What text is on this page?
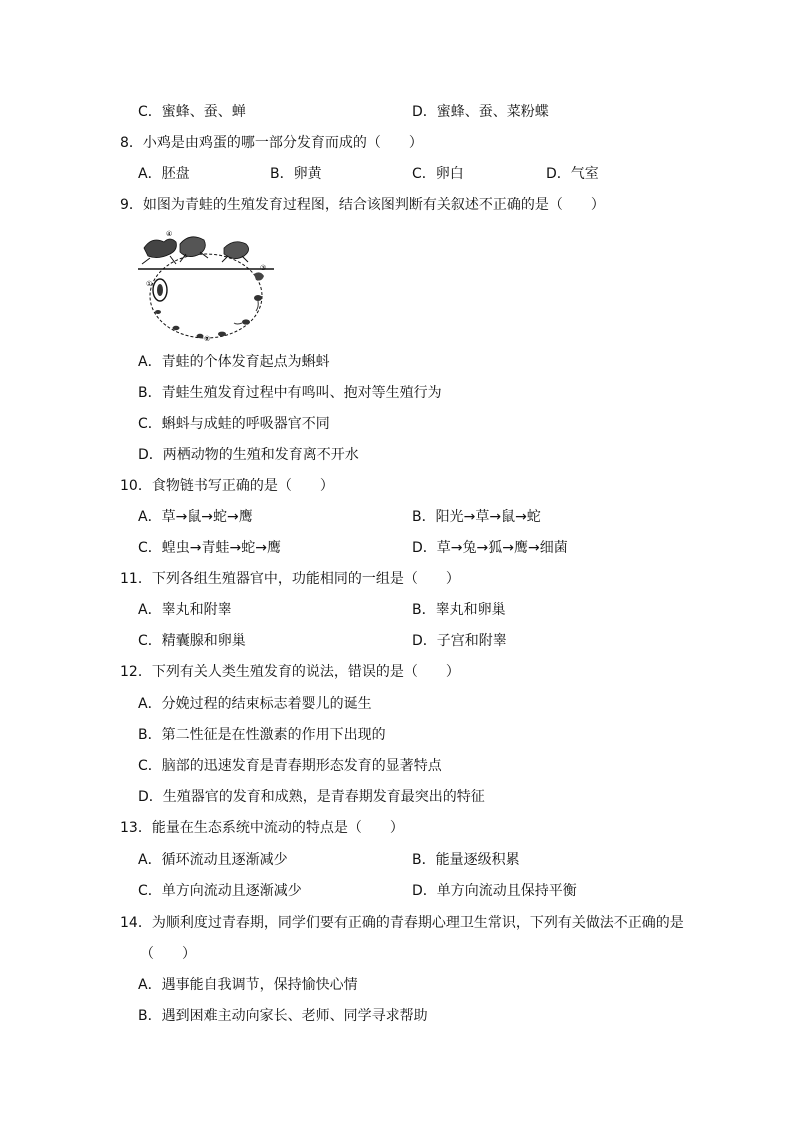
C．蜜蜂、蚕、蝉	D．蜜蜂、蚕、菜粉蝶
8．小鸡是由鸡蛋的哪一部分发育而成的（　　）
A．胚盘	B．卵黄	C．卵白	D．气室
9．如图为青蛙的生殖发育过程图，结合该图判断有关叙述不正确的是（　　）
①
②
③
④
A．青蛙的个体发育起点为蝌蚪
B．青蛙生殖发育过程中有鸣叫、抱对等生殖行为
C．蝌蚪与成蛙的呼吸器官不同
D．两栖动物的生殖和发育离不开水
10．食物链书写正确的是（　　）
A．草→鼠→蛇→鹰	B．阳光→草→鼠→蛇
C．蝗虫→青蛙→蛇→鹰	D．草→兔→狐→鹰→细菌
11．下列各组生殖器官中，功能相同的一组是（　　）
A．睾丸和附睾	B．睾丸和卵巢
C．精囊腺和卵巢	D．子宫和附睾
12．下列有关人类生殖发育的说法，错误的是（　　）
A．分娩过程的结束标志着婴儿的诞生
B．第二性征是在性激素的作用下出现的
C．脑部的迅速发育是青春期形态发育的显著特点
D．生殖器官的发育和成熟，是青春期发育最突出的特征
13．能量在生态系统中流动的特点是（　　）
A．循环流动且逐渐减少	B．能量逐级积累
C．单方向流动且逐渐减少	D．单方向流动且保持平衡
14．为顺利度过青春期，同学们要有正确的青春期心理卫生常识，下列有关做法不正确的是
（　　）
A．遇事能自我调节，保持愉快心情
B．遇到困难主动向家长、老师、同学寻求帮助
